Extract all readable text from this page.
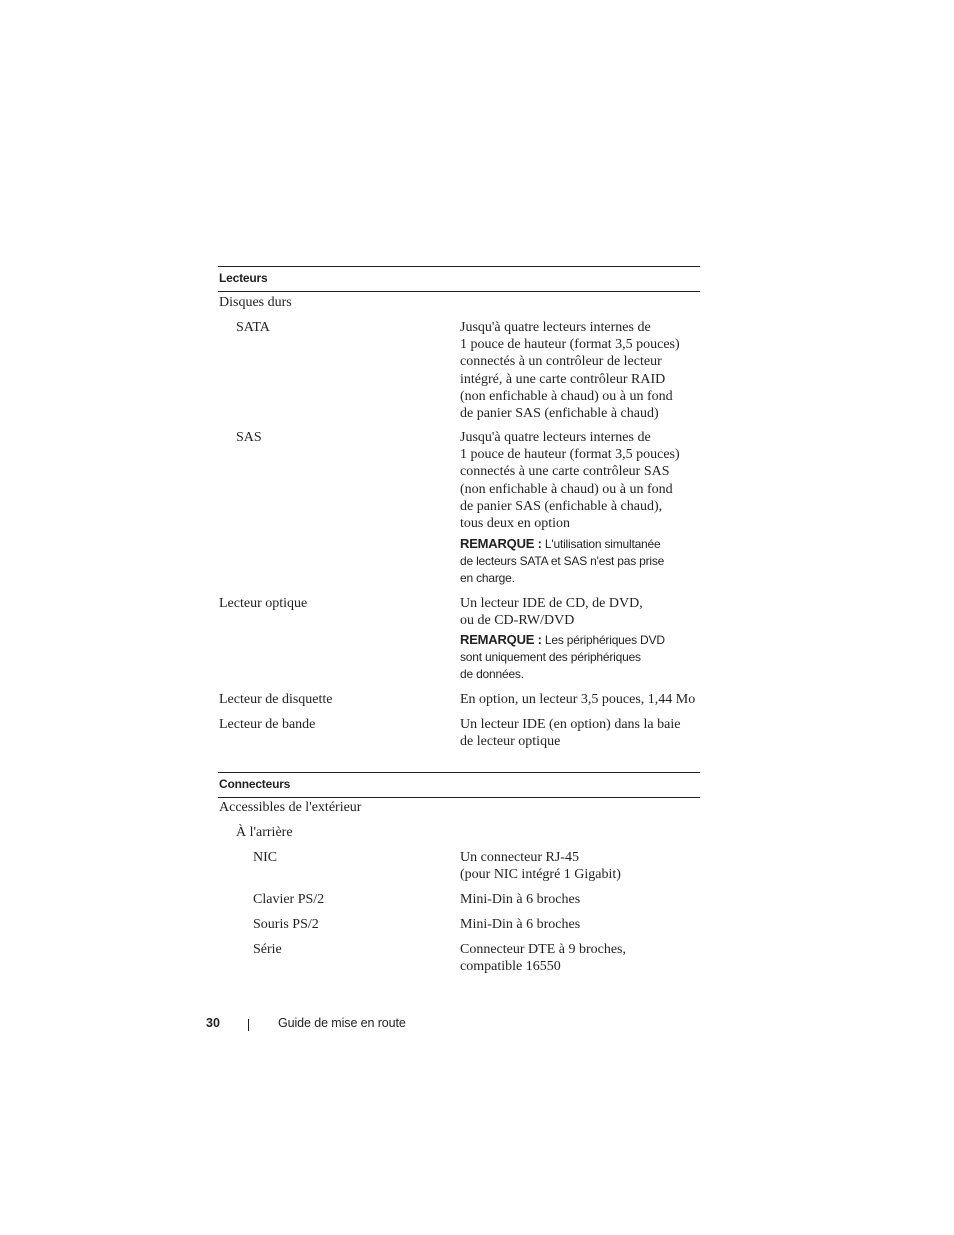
Lecteurs
Disques durs
SATA	Jusqu'à quatre lecteurs internes de
1 pouce de hauteur (format 3,5 pouces)
connectés à un contrôleur de lecteur
intégré, à une carte contrôleur RAID
(non enfichable à chaud) ou à un fond
de panier SAS (enfichable à chaud)
SAS	Jusqu'à quatre lecteurs internes de
1 pouce de hauteur (format 3,5 pouces)
connectés à une carte contrôleur SAS
(non enfichable à chaud) ou à un fond
de panier SAS (enfichable à chaud),
tous deux en option
REMARQUE : L'utilisation simultanée
de lecteurs SATA et SAS n'est pas prise
en charge.
Lecteur optique	Un lecteur IDE de CD, de DVD,
ou de CD-RW/DVD
REMARQUE : Les périphériques DVD
sont uniquement des périphériques
de données.
Lecteur de disquette	En option, un lecteur 3,5 pouces, 1,44 Mo
Lecteur de bande	Un lecteur IDE (en option) dans la baie
de lecteur optique
Connecteurs
Accessibles de l'extérieur
À l'arrière
NIC	Un connecteur RJ-45
(pour NIC intégré 1 Gigabit)
Clavier PS/2	Mini-Din à 6 broches
Souris PS/2	Mini-Din à 6 broches
Série	Connecteur DTE à 9 broches,
compatible 16550
30	Guide de mise en route
